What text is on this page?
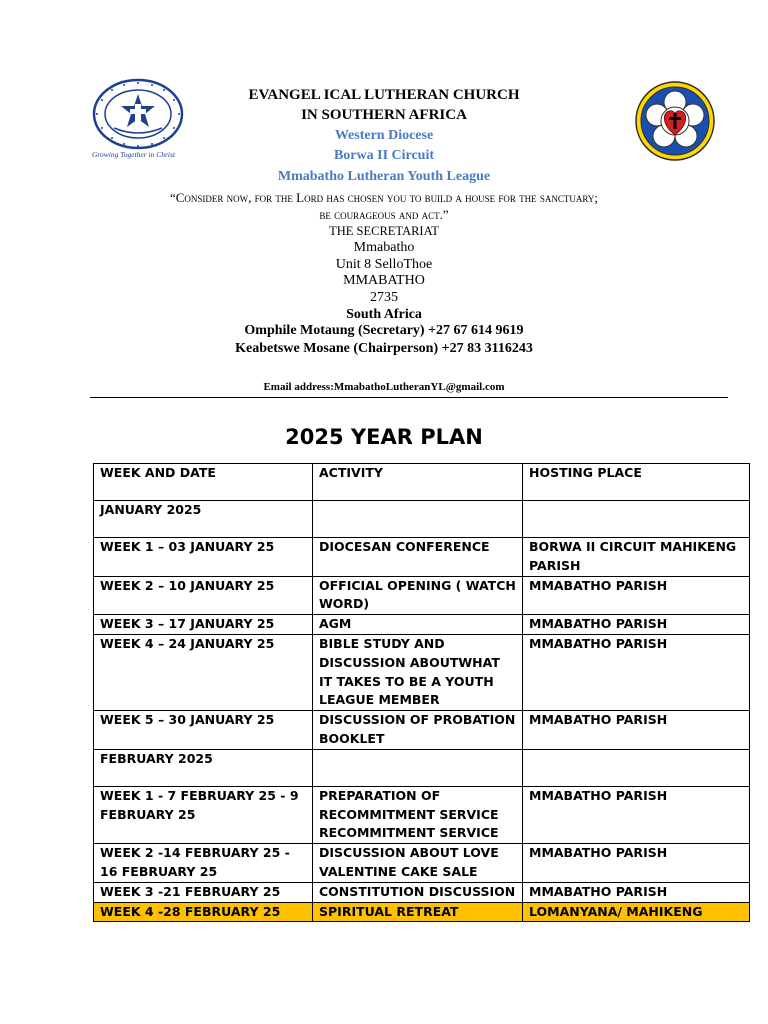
Growing Together in Christ
EVANGEL ICAL LUTHERAN CHURCH
IN SOUTHERN AFRICA
Western Diocese
Borwa II Circuit
Mmabatho Lutheran Youth League
“Consider now, for the Lord has chosen you to build a house for the sanctuary;
be courageous and act.”
THE SECRETARIAT
Mmabatho
Unit 8 SelloThoe
MMABATHO
2735
South Africa
Omphile Motaung (Secretary) +27 67 614 9619
Keabetswe Mosane (Chairperson) +27 83 3116243
Email address:MmabathoLutheranYL@gmail.com
2025 YEAR PLAN
WEEK AND DATE	ACTIVITY	HOSTING PLACE
JANUARY 2025		
WEEK 1 – 03 JANUARY 25	DIOCESAN CONFERENCE	BORWA II CIRCUIT MAHIKENG PARISH
WEEK 2 – 10 JANUARY 25	OFFICIAL OPENING ( WATCH WORD)	MMABATHO PARISH
WEEK 3 – 17 JANUARY 25	AGM	MMABATHO PARISH
WEEK 4 – 24 JANUARY 25	BIBLE STUDY AND DISCUSSION ABOUTWHAT IT TAKES TO BE A YOUTH LEAGUE MEMBER	MMABATHO PARISH
WEEK 5 – 30 JANUARY 25	DISCUSSION OF PROBATION BOOKLET	MMABATHO PARISH
FEBRUARY 2025		
WEEK 1 - 7 FEBRUARY 25 - 9 FEBRUARY 25	PREPARATION OF RECOMMITMENT SERVICE RECOMMITMENT SERVICE	MMABATHO PARISH
WEEK 2 -14 FEBRUARY 25 - 16 FEBRUARY 25	DISCUSSION ABOUT LOVE VALENTINE CAKE SALE	MMABATHO PARISH
WEEK 3 -21 FEBRUARY 25	CONSTITUTION DISCUSSION	MMABATHO PARISH
WEEK 4 -28 FEBRUARY 25	SPIRITUAL RETREAT	LOMANYANA/ MAHIKENG
